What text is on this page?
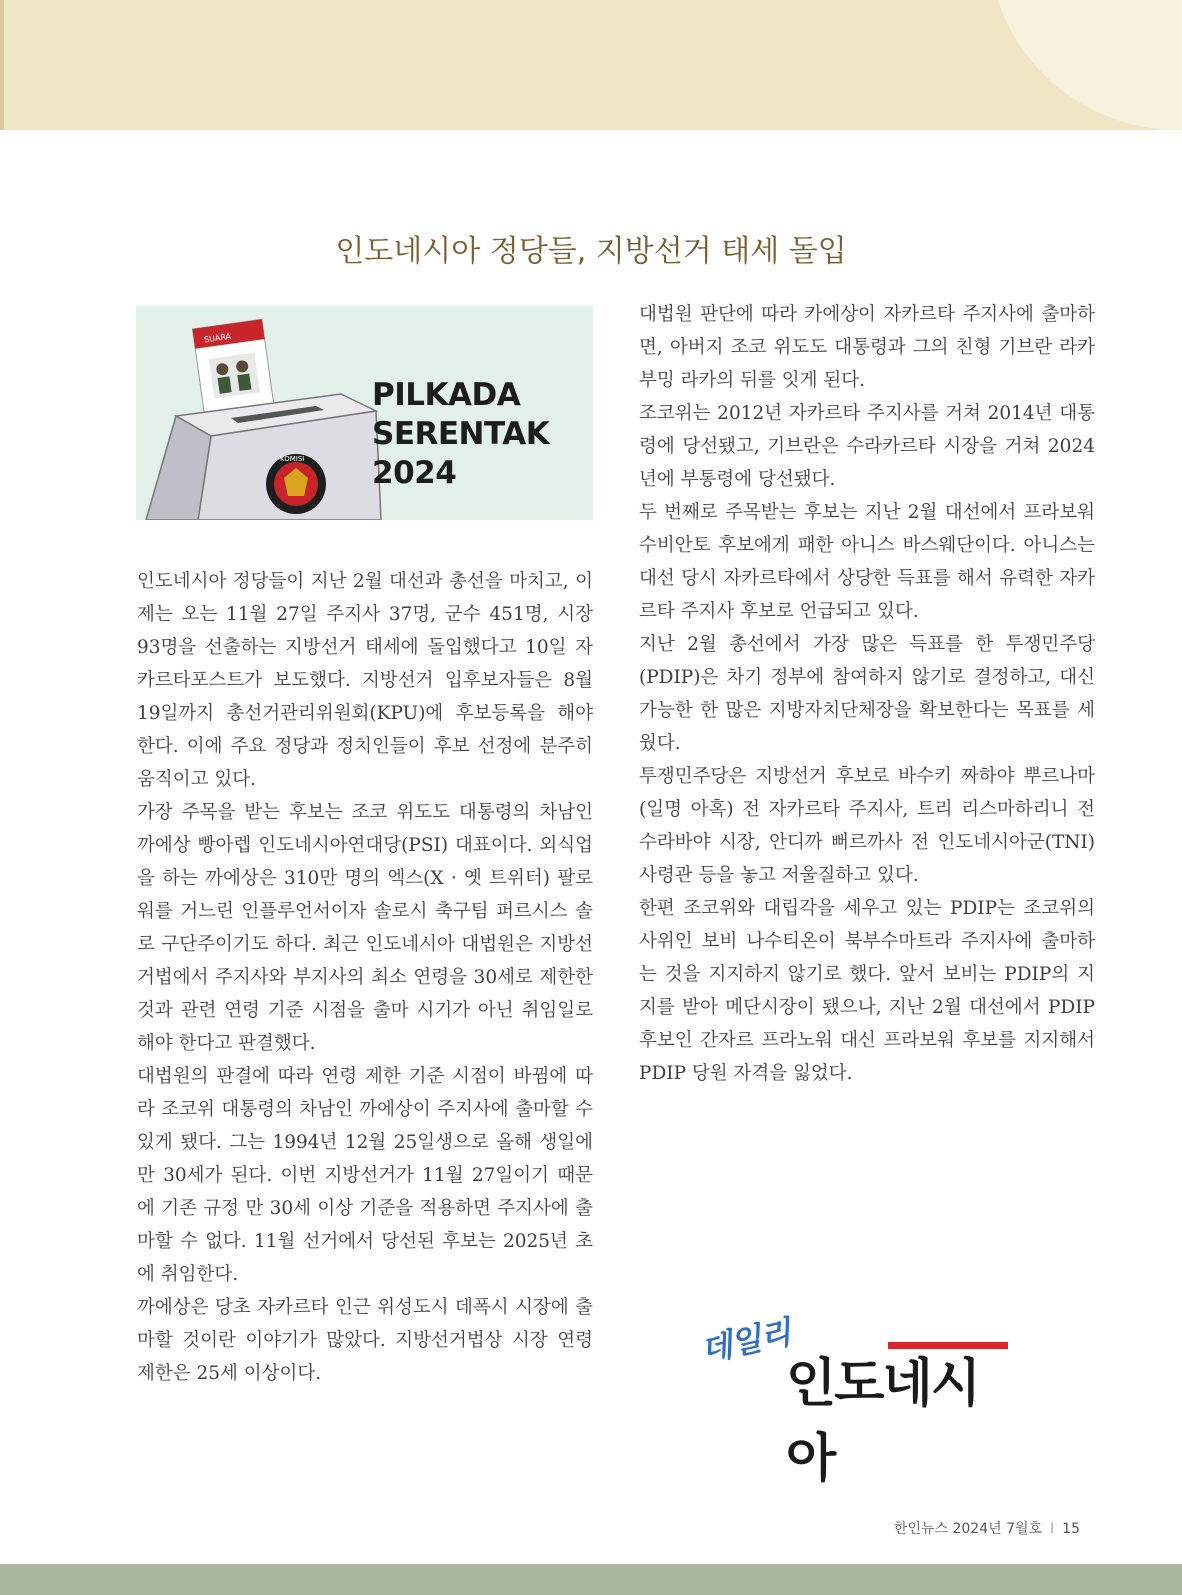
인도네시아 정당들, 지방선거 태세 돌입
SUARA
KOMISI
PILKADA
SERENTAK
2024

인도네시아 정당들이 지난 2월 대선과 총선을 마치고, 이제는 오는 11월 27일 주지사 37명, 군수 451명, 시장 93명을 선출하는 지방선거 태세에 돌입했다고 10일 자카르타포스트가 보도했다. 지방선거 입후보자들은 8월 19일까지 총선거관리위원회(KPU)에 후보등록을 해야 한다. 이에 주요 정당과 정치인들이 후보 선정에 분주히 움직이고 있다.

가장 주목을 받는 후보는 조코 위도도 대통령의 차남인 까에상 빵아렙 인도네시아연대당(PSI) 대표이다. 외식업을 하는 까에상은 310만 명의 엑스(X · 옛 트위터) 팔로워를 거느린 인플루언서이자 솔로시 축구팀 퍼르시스 솔로 구단주이기도 하다. 최근 인도네시아 대법원은 지방선거법에서 주지사와 부지사의 최소 연령을 30세로 제한한 것과 관련 연령 기준 시점을 출마 시기가 아닌 취임일로 해야 한다고 판결했다.

대법원의 판결에 따라 연령 제한 기준 시점이 바뀜에 따라 조코위 대통령의 차남인 까에상이 주지사에 출마할 수 있게 됐다. 그는 1994년 12월 25일생으로 올해 생일에 만 30세가 된다. 이번 지방선거가 11월 27일이기 때문에 기존 규정 만 30세 이상 기준을 적용하면 주지사에 출마할 수 없다. 11월 선거에서 당선된 후보는 2025년 초에 취임한다.

까에상은 당초 자카르타 인근 위성도시 데폭시 시장에 출마할 것이란 이야기가 많았다. 지방선거법상 시장 연령 제한은 25세 이상이다.

대법원 판단에 따라 카에상이 자카르타 주지사에 출마하면, 아버지 조코 위도도 대통령과 그의 친형 기브란 라카부밍 라카의 뒤를 잇게 된다.

조코위는 2012년 자카르타 주지사를 거쳐 2014년 대통령에 당선됐고, 기브란은 수라카르타 시장을 거쳐 2024년에 부통령에 당선됐다.

두 번째로 주목받는 후보는 지난 2월 대선에서 프라보워 수비안토 후보에게 패한 아니스 바스웨단이다. 아니스는 대선 당시 자카르타에서 상당한 득표를 해서 유력한 자카르타 주지사 후보로 언급되고 있다.

지난 2월 총선에서 가장 많은 득표를 한 투쟁민주당(PDIP)은 차기 정부에 참여하지 않기로 결정하고, 대신 가능한 한 많은 지방자치단체장을 확보한다는 목표를 세웠다.

투쟁민주당은 지방선거 후보로 바수키 짜하야 뿌르나마(일명 아혹) 전 자카르타 주지사, 트리 리스마하리니 전 수라바야 시장, 안디까 뻐르까사 전 인도네시아군(TNI) 사령관 등을 놓고 저울질하고 있다.

한편 조코위와 대립각을 세우고 있는 PDIP는 조코위의 사위인 보비 나수티온이 북부수마트라 주지사에 출마하는 것을 지지하지 않기로 했다. 앞서 보비는 PDIP의 지지를 받아 메단시장이 됐으나, 지난 2월 대선에서 PDIP 후보인 간자르 프라노워 대신 프라보워 후보를 지지해서 PDIP 당원 자격을 잃었다.

데일리
인도네시아
한인뉴스 2024년 7월호 I 15
